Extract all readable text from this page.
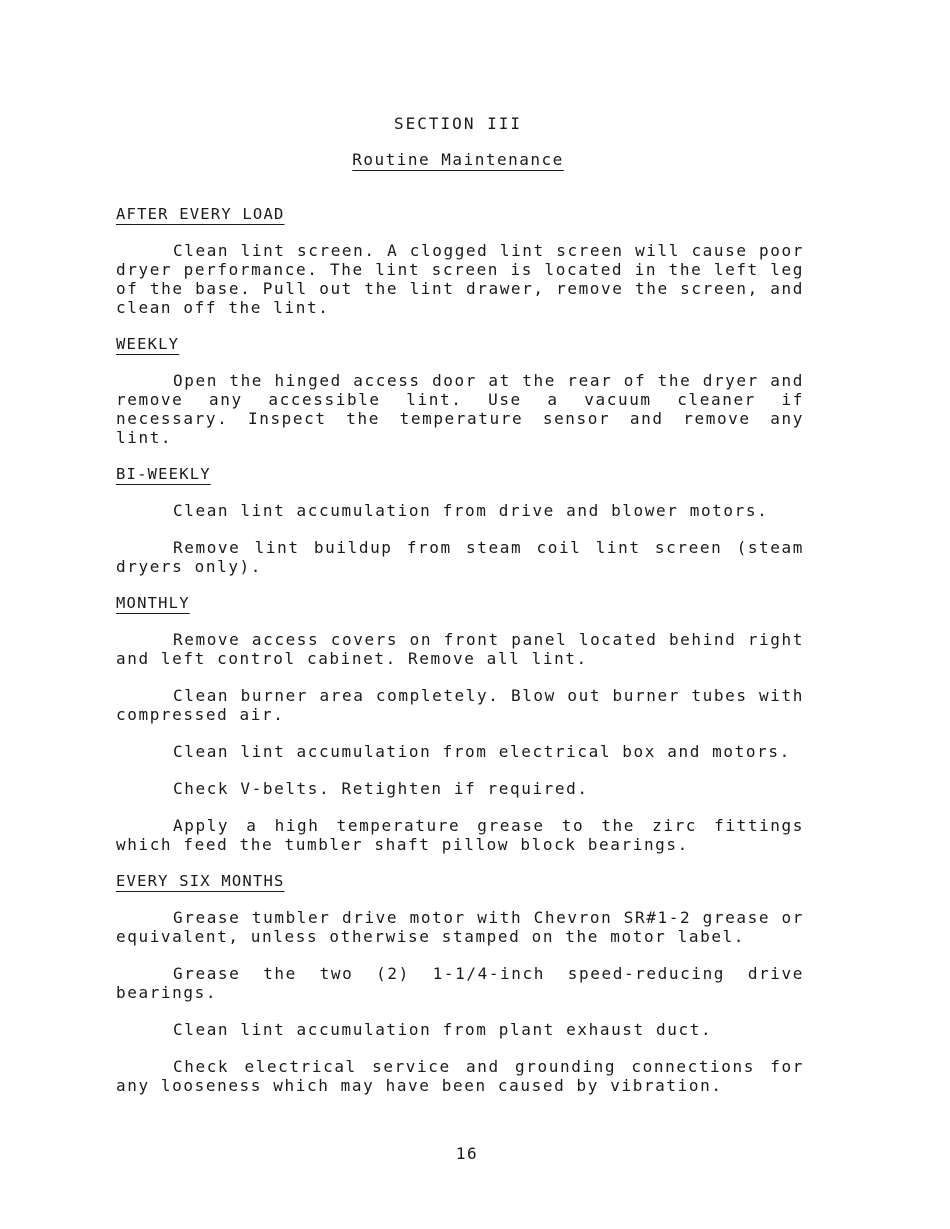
SECTION III
Routine Maintenance
AFTER EVERY LOAD

Clean lint screen. A clogged lint screen will cause poor dryer performance. The lint screen is located in the left leg of the base. Pull out the lint drawer, remove the screen, and clean off the lint.

WEEKLY

Open the hinged access door at the rear of the dryer and remove any accessible lint. Use a vacuum cleaner if necessary. Inspect the temperature sensor and remove any lint.

BI-WEEKLY

Clean lint accumulation from drive and blower motors.

Remove lint buildup from steam coil lint screen (steam dryers only).

MONTHLY

Remove access covers on front panel located behind right and left control cabinet. Remove all lint.

Clean burner area completely. Blow out burner tubes with compressed air.

Clean lint accumulation from electrical box and motors.

Check V-belts. Retighten if required.

Apply a high temperature grease to the zirc fittings which feed the tumbler shaft pillow block bearings.

EVERY SIX MONTHS

Grease tumbler drive motor with Chevron SR#1-2 grease or equivalent, unless otherwise stamped on the motor label.

Grease the two (2) 1-1/4-inch speed-reducing drive bearings.

Clean lint accumulation from plant exhaust duct.

Check electrical service and grounding connections for any looseness which may have been caused by vibration.

16
